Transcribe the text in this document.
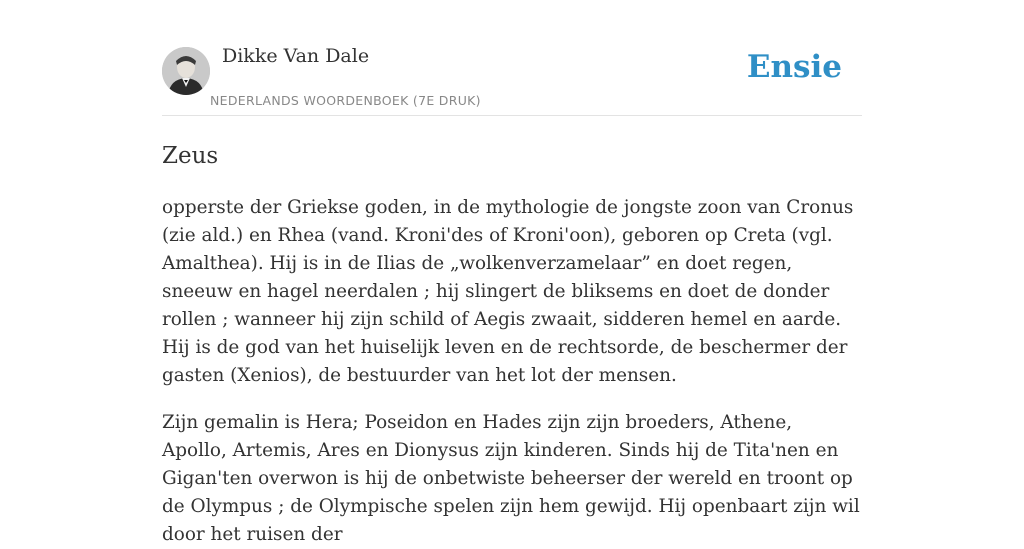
Dikke Van Dale
NEDERLANDS WOORDENBOEK (7E DRUK)
Ensie
Zeus

opperste der Griekse goden, in de mythologie de jongste zoon van Cronus (zie ald.) en Rhea (vand. Kroni'des of Kroni'oon), geboren op Creta (vgl. Amalthea). Hij is in de Ilias de „wolkenverzamelaar” en doet regen, sneeuw en hagel neerdalen ; hij slingert de bliksems en doet de donder rollen ; wanneer hij zijn schild of Aegis zwaait, sidderen hemel en aarde. Hij is de god van het huiselijk leven en de rechtsorde, de beschermer der gasten (Xenios), de bestuurder van het lot der mensen.

Zijn gemalin is Hera; Poseidon en Hades zijn zijn broeders, Athene, Apollo, Artemis, Ares en Dionysus zijn kinderen. Sinds hij de Tita'nen en Gigan'ten overwon is hij de onbetwiste beheerser der wereld en troont op de Olympus ; de Olympische spelen zijn hem gewijd. Hij openbaart zijn wil door het ruisen der
